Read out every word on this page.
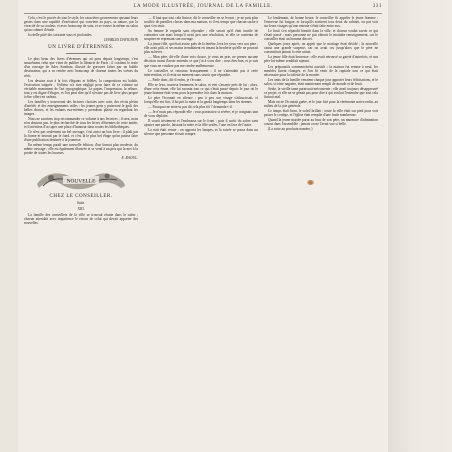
LA MODE ILLUSTRÉE, JOURNAL DE LA FAMILLE.	331

Cela, c'est le procès de tout le style, les caractères gouverneurs ajustant leurs gestes dans une rapidité d'exécution qui convient au pays, sa nature, par la vivacité de sa couleur, et avec beaucoup de soin, et se trouve la même au salon qu'au cabinet d'étude.

la réelle pitié des soixante sous et profondes.

CHARLES DAVIGNON
UN LIVRE D'ÉTRENNES.

Le plus beau des livres d'étrennes qui ait paru depuis longtemps, c'est assurément celui que vient de publier la librairie de Paris ; il contient le texte d'un ouvrage de Jules Sandeau, illustré de gravures faites par un habile dessinateur, qui a su rendre avec beaucoup de charme toutes les scènes du récit.

Les dessins sont à la fois élégants et fidèles, la composition est habile, l'exécution soignée ; l'éditeur n'a rien négligé pour faire de ce volume un véritable monument de l'art typographique. Le papier, l'impression, la reliure, tout y est digne d'éloges, et l'on peut dire qu'il n'existe pas de livre plus propre à être offert en cadeau.

Les familles y trouveront des lectures choisies avec soin, des récits pleins d'intérêt, et des enseignements utiles ; les jeunes gens y puiseront le goût des belles choses, et les enfants eux-mêmes y prendront plaisir en regardant les images.

Nous ne saurions trop recommander ce volume à nos lectrices ; il sera, nous n'en doutons pas, le plus recherché de tous les livres d'étrennes de cette année, et il méritera d'occuper une place d'honneur dans toutes les bibliothèques.

Ce n'est pas seulement un bel ouvrage, c'est aussi un bon livre ; il plaît par la forme et instruit par le fond, et c'est là le plus bel éloge qu'on puisse faire d'une publication destinée à la jeunesse.

En même temps paraît une nouvelle édition, d'un format plus modeste, du même ouvrage ; elle est également illustrée et se vend à un prix qui la met à la portée de toutes les bourses.

E. RAOUL.
NOUVELLE
CHEZ LE CONSEILLER.
Suite.
XIII.

La famille des conseillers de la ville se trouvait réunie dans le salon ; chacun attendait avec impatience le retour de celui qui devait apporter des nouvelles.

— Il faut que tout cela finisse, dit le conseiller en se levant ; je ne puis plus souffrir de pareilles choses dans ma maison, et il est temps que chacun sache à quoi s'en tenir.

Sa femme le regarda sans répondre ; elle savait qu'il était inutile de contrarier son mari lorsqu'il avait pris une résolution, et elle se contenta de soupirer en reprenant son ouvrage.

La jeune fille, qui était assise près de la fenêtre, leva les yeux vers son père ; elle avait pâli, et ses mains tremblaient en tenant la broderie qu'elle ne pouvait plus achever.

— Mon père, dit-elle d'une voix douce, je vous en prie, ne prenez aucune décision avant d'avoir entendu ce que j'ai à vous dire ; vous êtes bon, et je sais que vous ne voudrez pas me rendre malheureuse.

Le conseiller se retourna brusquement ; il ne s'attendait pas à cette intervention, et il resta un moment sans savoir que répondre.

— Parle donc, dit-il enfin, je t'écoute.

Elle se leva, traversa lentement le salon, et vint s'asseoir près de lui ; alors, d'une voix émue, elle lui raconta tout ce qui s'était passé depuis le jour où le jeune homme était venu pour la première fois dans la maison.

Le père l'écoutait en silence ; peu à peu son visage s'adoucissait, et lorsqu'elle eut fini, il lui prit la main et la garda longtemps dans les siennes.

— Pourquoi ne m'as-tu pas dit cela plus tôt ? demanda-t-il.

— Je n'osais pas, répondit-elle ; vous paraissiez si sévère, et je craignais tant de vous déplaire.

Il sourit tristement et l'embrassa sur le front ; puis il sortit du salon sans ajouter une parole, laissant la mère et la fille seules, l'une en face de l'autre.

La nuit était venue ; on apporta les lampes, et la soirée se passa dans un silence que personne n'osait rompre.

Le lendemain, de bonne heure, le conseiller fit appeler le jeune homme ; l'entrevue fut longue, et lorsqu'ils sortirent tous deux du cabinet, on put voir sur leurs visages qu'une entente s'était faite entre eux.

Le bruit s'en répandit bientôt dans la ville, et chacun voulut savoir ce qui s'était passé ; mais personne ne put obtenir le moindre renseignement, car le conseiller était un homme discret.

Quelques jours après, on apprit que le mariage était décidé ; la nouvelle causa une grande surprise, car on avait cru jusqu'alors que le père ne consentirait jamais à cette union.

La jeune fille était heureuse ; elle avait retrouvé sa gaieté d'autrefois, et son père lui-même semblait rajeuni.

Les préparatifs commencèrent aussitôt ; la maison fut remise à neuf, les meubles furent changés, et l'on fit venir de la capitale tout ce qui était nécessaire pour la toilette de la mariée.

Les amis de la famille venaient chaque jour apporter leurs félicitations, et le salon, si triste naguère, était maintenant rempli de monde et de bruit.

Seule, la vieille tante paraissait mécontente ; elle avait toujours désapprouvé ce projet, et elle ne se gênait pas pour dire à qui voulait l'entendre que tout cela finirait mal.

Mais on ne l'écoutait guère, et le jour fixé pour la cérémonie arriva enfin, au milieu de la joie générale.

Le temps était beau, le soleil brillait ; toute la ville était sur pied pour voir passer le cortège, et l'église était remplie d'une foule nombreuse.

Quand la jeune mariée parut au bras de son père, un murmure d'admiration courut dans l'assemblée ; jamais on ne l'avait vue si belle.

(La suite au prochain numéro.)
